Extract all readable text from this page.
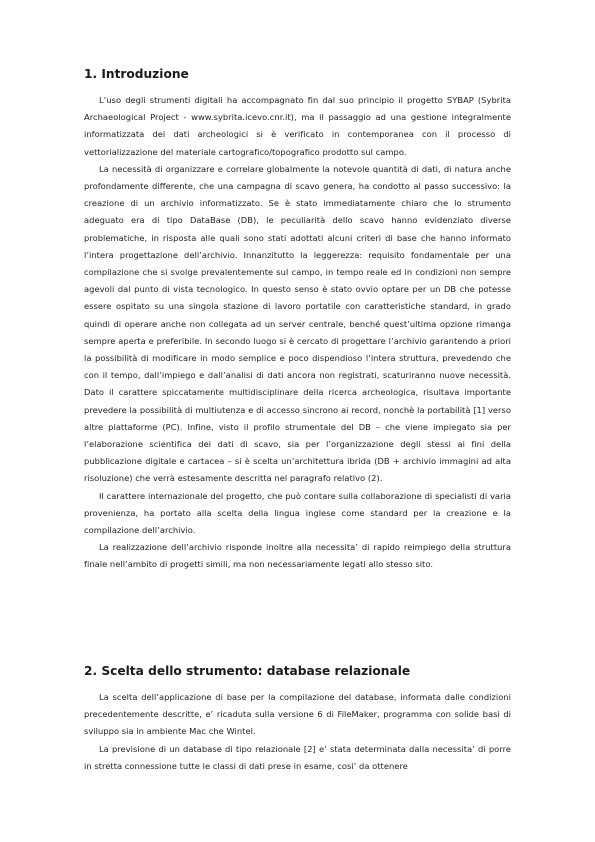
1. Introduzione

L’uso degli strumenti digitali ha accompagnato fin dal suo principio il progetto SYBAP (Sybrita Archaeological Project - www.sybrita.icevo.cnr.it), ma il passaggio ad una gestione integralmente informatizzata dei dati archeologici si è verificato in contemporanea con il processo di vettorializzazione del materiale cartografico/topografico prodotto sul campo.

La necessità di organizzare e correlare globalmente la notevole quantità di dati, di natura anche profondamente differente, che una campagna di scavo genera, ha condotto al passo successivo: la creazione di un archivio informatizzato. Se è stato immediatamente chiaro che lo strumento adeguato era di tipo DataBase (DB), le peculiarità dello scavo hanno evidenziato diverse problematiche, in risposta alle quali sono stati adottati alcuni criteri di base che hanno informato l’intera progettazione dell’archivio. Innanzitutto la leggerezza: requisito fondamentale per una compilazione che si svolge prevalentemente sul campo, in tempo reale ed in condizioni non sempre agevoli dal punto di vista tecnologico. In questo senso è stato ovvio optare per un DB che potesse essere ospitato su una singola stazione di lavoro portatile con caratteristiche standard, in grado quindi di operare anche non collegata ad un server centrale, benché quest’ultima opzione rimanga sempre aperta e preferibile. In secondo luogo si è cercato di progettare l’archivio garantendo a priori la possibilità di modificare in modo semplice e poco dispendioso l’intera struttura, prevedendo che con il tempo, dall’impiego e dall’analisi di dati ancora non registrati, scaturiranno nuove necessità. Dato il carattere spiccatamente multidisciplinare della ricerca archeologica, risultava importante prevedere la possibilità di multiutenza e di accesso sincrono ai record, nonchè la portabilità [1] verso altre piattaforme (PC). Infine, visto il profilo strumentale del DB – che viene impiegato sia per l’elaborazione scientifica dei dati di scavo, sia per l’organizzazione degli stessi ai fini della pubblicazione digitale e cartacea – si è scelta un’architettura ibrida (DB + archivio immagini ad alta risoluzione) che verrà estesamente descritta nel paragrafo relativo (2).

Il carattere internazionale del progetto, che può contare sulla collaborazione di specialisti di varia provenienza, ha portato alla scelta della lingua inglese come standard per la creazione e la compilazione dell’archivio.

La realizzazione dell’archivio risponde inoltre alla necessita’ di rapido reimpiego della struttura finale nell’ambito di progetti simili, ma non necessariamente legati allo stesso sito.

2. Scelta dello strumento: database relazionale

La scelta dell’applicazione di base per la compilazione del database, informata dalle condizioni precedentemente descritte, e’ ricaduta sulla versione 6 di FileMaker, programma con solide basi di sviluppo sia in ambiente Mac che Wintel.

La previsione di un database di tipo relazionale [2] e’ stata determinata dalla necessita’ di porre in stretta connessione tutte le classi di dati prese in esame, cosi’ da ottenere
